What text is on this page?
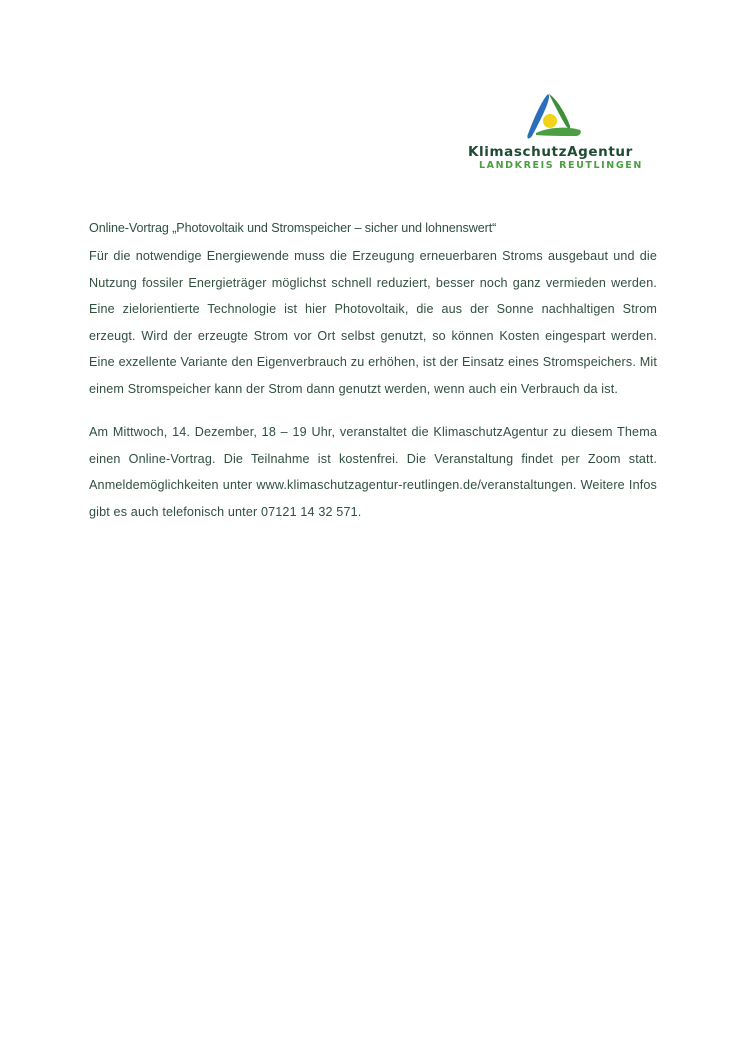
KlimaschutzAgentur
LANDKREIS REUTLINGEN

Online-Vortrag „Photovoltaik und Stromspeicher – sicher und lohnenswert“

Für die notwendige Energiewende muss die Erzeugung erneuerbaren Stroms ausgebaut und die Nutzung fossiler Energieträger möglichst schnell reduziert, besser noch ganz vermieden werden. Eine zielorientierte Technologie ist hier Photovoltaik, die aus der Sonne nachhaltigen Strom erzeugt. Wird der erzeugte Strom vor Ort selbst genutzt, so können Kosten eingespart werden. Eine exzellente Variante den Eigenverbrauch zu erhöhen, ist der Einsatz eines Stromspeichers. Mit einem Stromspeicher kann der Strom dann genutzt werden, wenn auch ein Verbrauch da ist.

Am Mittwoch, 14. Dezember, 18 – 19 Uhr, veranstaltet die KlimaschutzAgentur zu diesem Thema einen Online-Vortrag. Die Teilnahme ist kostenfrei. Die Veranstaltung findet per Zoom statt. Anmeldemöglichkeiten unter www.klimaschutzagentur-reutlingen.de/veranstaltungen. Weitere Infos gibt es auch telefonisch unter 07121 14 32 571.
